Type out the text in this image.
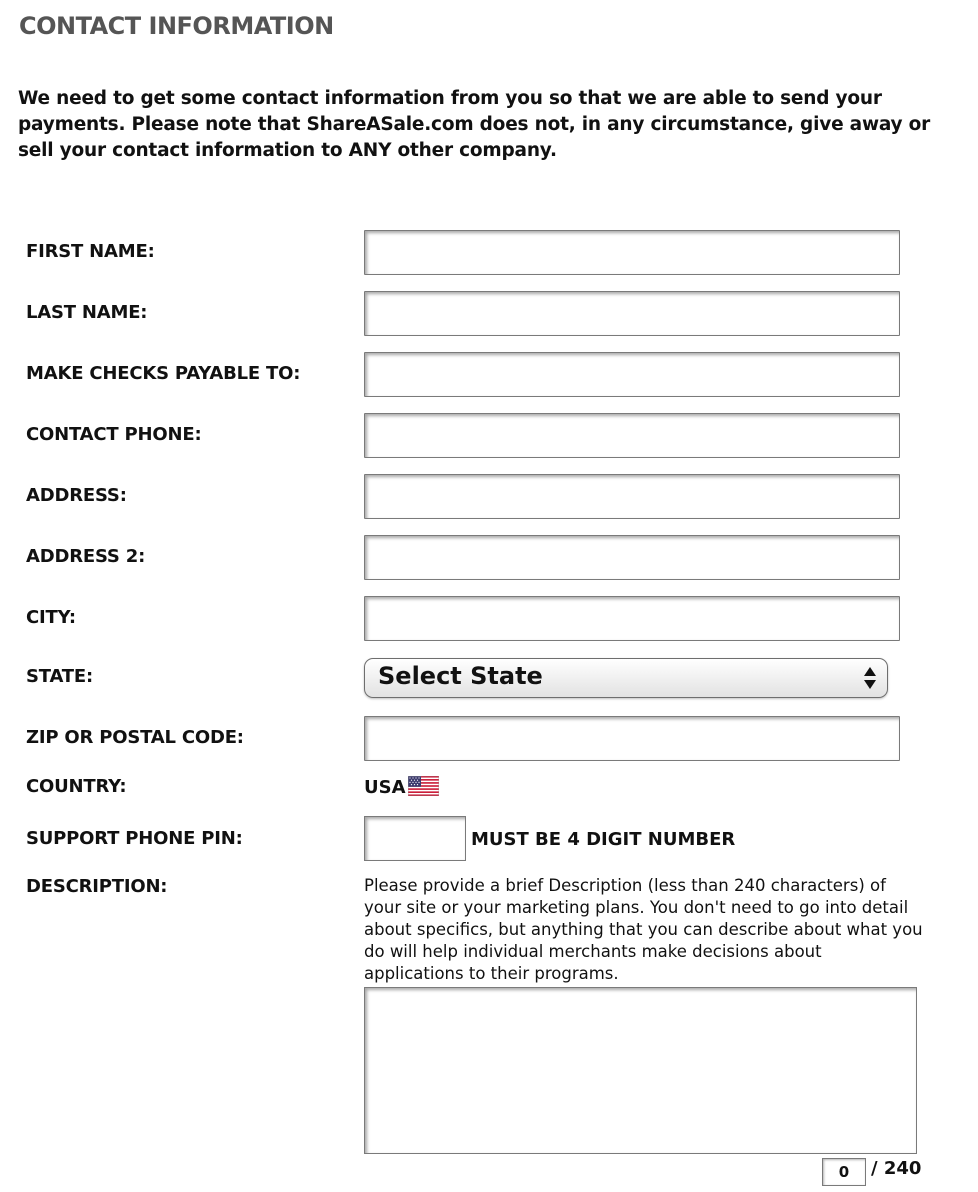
CONTACT INFORMATION

We need to get some contact information from you so that we are able to send your payments. Please note that ShareASale.com does not, in any circumstance, give away or sell your contact information to ANY other company.

FIRST NAME:
LAST NAME:
MAKE CHECKS PAYABLE TO:
CONTACT PHONE:
ADDRESS:
ADDRESS 2:
CITY:
STATE:	Select State
ZIP OR POSTAL CODE:
COUNTRY:	USA
SUPPORT PHONE PIN:	MUST BE 4 DIGIT NUMBER
DESCRIPTION:	Please provide a brief Description (less than 240 characters) of your site or your marketing plans. You don't need to go into detail about specifics, but anything that you can describe about what you do will help individual merchants make decisions about applications to their programs.

0	/ 240
